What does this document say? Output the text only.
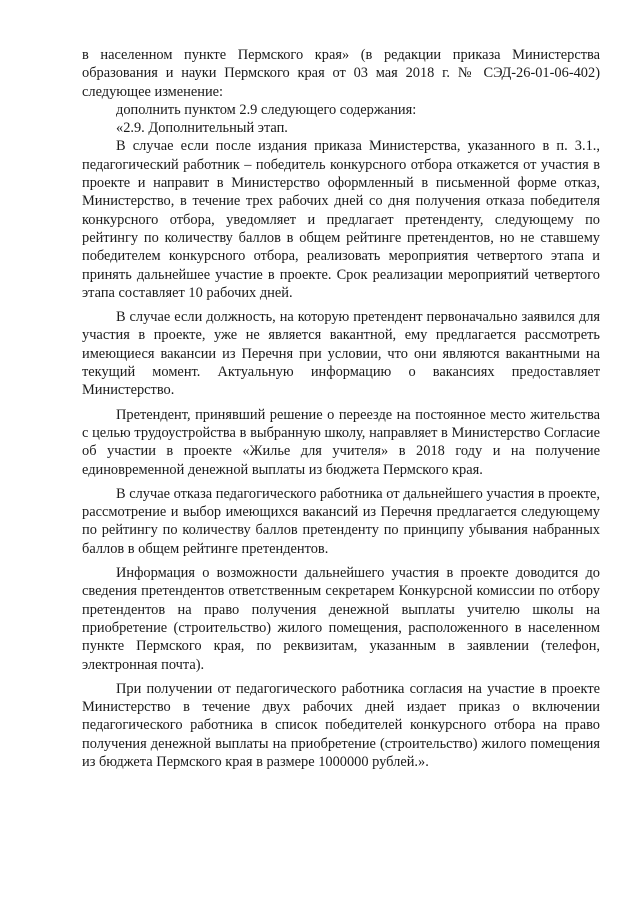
в населенном пункте Пермского края» (в редакции приказа Министерства образования и науки Пермского края от 03 мая 2018 г. № СЭД-26-01-06-402) следующее изменение:

дополнить пунктом 2.9 следующего содержания:

«2.9. Дополнительный этап.

В случае если после издания приказа Министерства, указанного в п. 3.1., педагогический работник – победитель конкурсного отбора откажется от участия в проекте и направит в Министерство оформленный в письменной форме отказ, Министерство, в течение трех рабочих дней со дня получения отказа победителя конкурсного отбора, уведомляет и предлагает претенденту, следующему по рейтингу по количеству баллов в общем рейтинге претендентов, но не ставшему победителем конкурсного отбора, реализовать мероприятия четвертого этапа и принять дальнейшее участие в проекте. Срок реализации мероприятий четвертого этапа составляет 10 рабочих дней.

В случае если должность, на которую претендент первоначально заявился для участия в проекте, уже не является вакантной, ему предлагается рассмотреть имеющиеся вакансии из Перечня при условии, что они являются вакантными на текущий момент. Актуальную информацию о вакансиях предоставляет Министерство.

Претендент, принявший решение о переезде на постоянное место жительства с целью трудоустройства в выбранную школу, направляет в Министерство Согласие об участии в проекте «Жилье для учителя» в 2018 году и на получение единовременной денежной выплаты из бюджета Пермского края.

В случае отказа педагогического работника от дальнейшего участия в проекте, рассмотрение и выбор имеющихся вакансий из Перечня предлагается следующему по рейтингу по количеству баллов претенденту по принципу убывания набранных баллов в общем рейтинге претендентов.

Информация о возможности дальнейшего участия в проекте доводится до сведения претендентов ответственным секретарем Конкурсной комиссии по отбору претендентов на право получения денежной выплаты учителю школы на приобретение (строительство) жилого помещения, расположенного в населенном пункте Пермского края, по реквизитам, указанным в заявлении (телефон, электронная почта).

При получении от педагогического работника согласия на участие в проекте Министерство в течение двух рабочих дней издает приказ о включении педагогического работника в список победителей конкурсного отбора на право получения денежной выплаты на приобретение (строительство) жилого помещения из бюджета Пермского края в размере 1000000 рублей.».
